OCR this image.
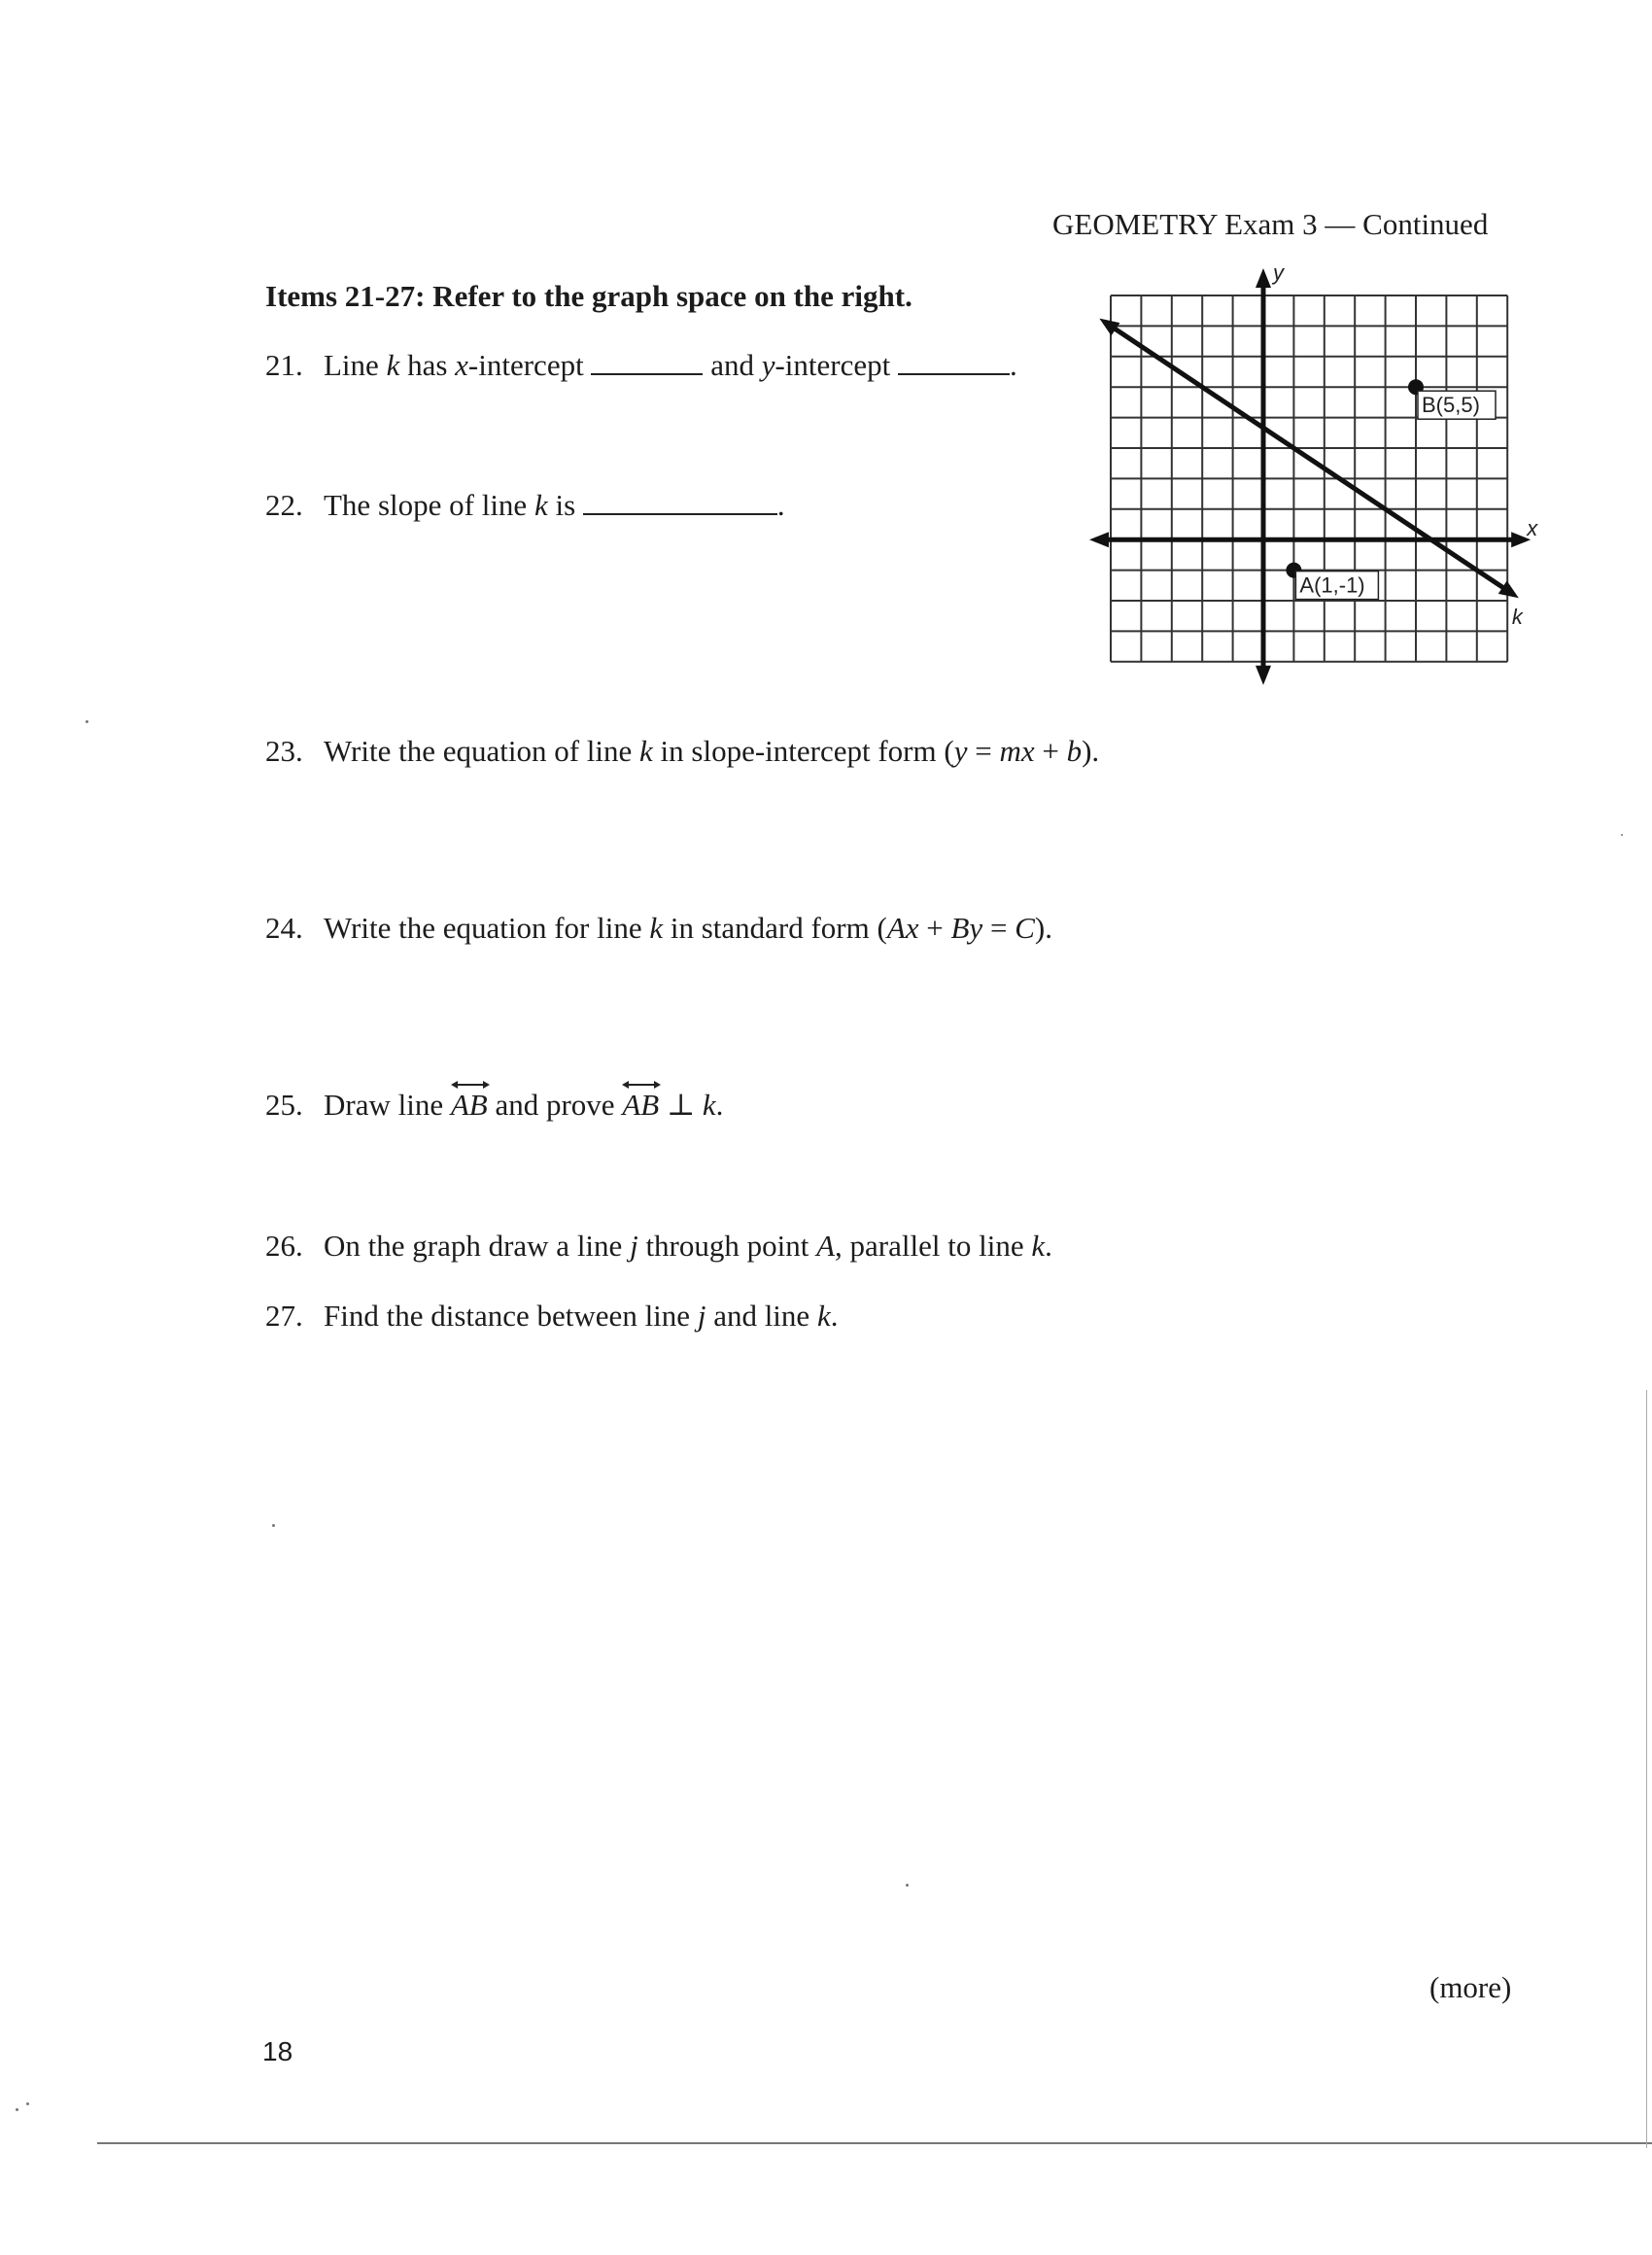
GEOMETRY Exam 3 — Continued
Items 21-27: Refer to the graph space on the right.
21. Line k has x-intercept	and y-intercept	.
22. The slope of line k is	.
23. Write the equation of line k in slope-intercept form (y = mx + b).
24. Write the equation for line k in standard form (Ax + By = C).
25. Draw line
AB and prove
AB ⊥ k.
26. On the graph draw a line j through point A, parallel to line k.
27. Find the distance between line j and line k.
x
y
k
B(5,5)
A(1,-1)
(more)
18
